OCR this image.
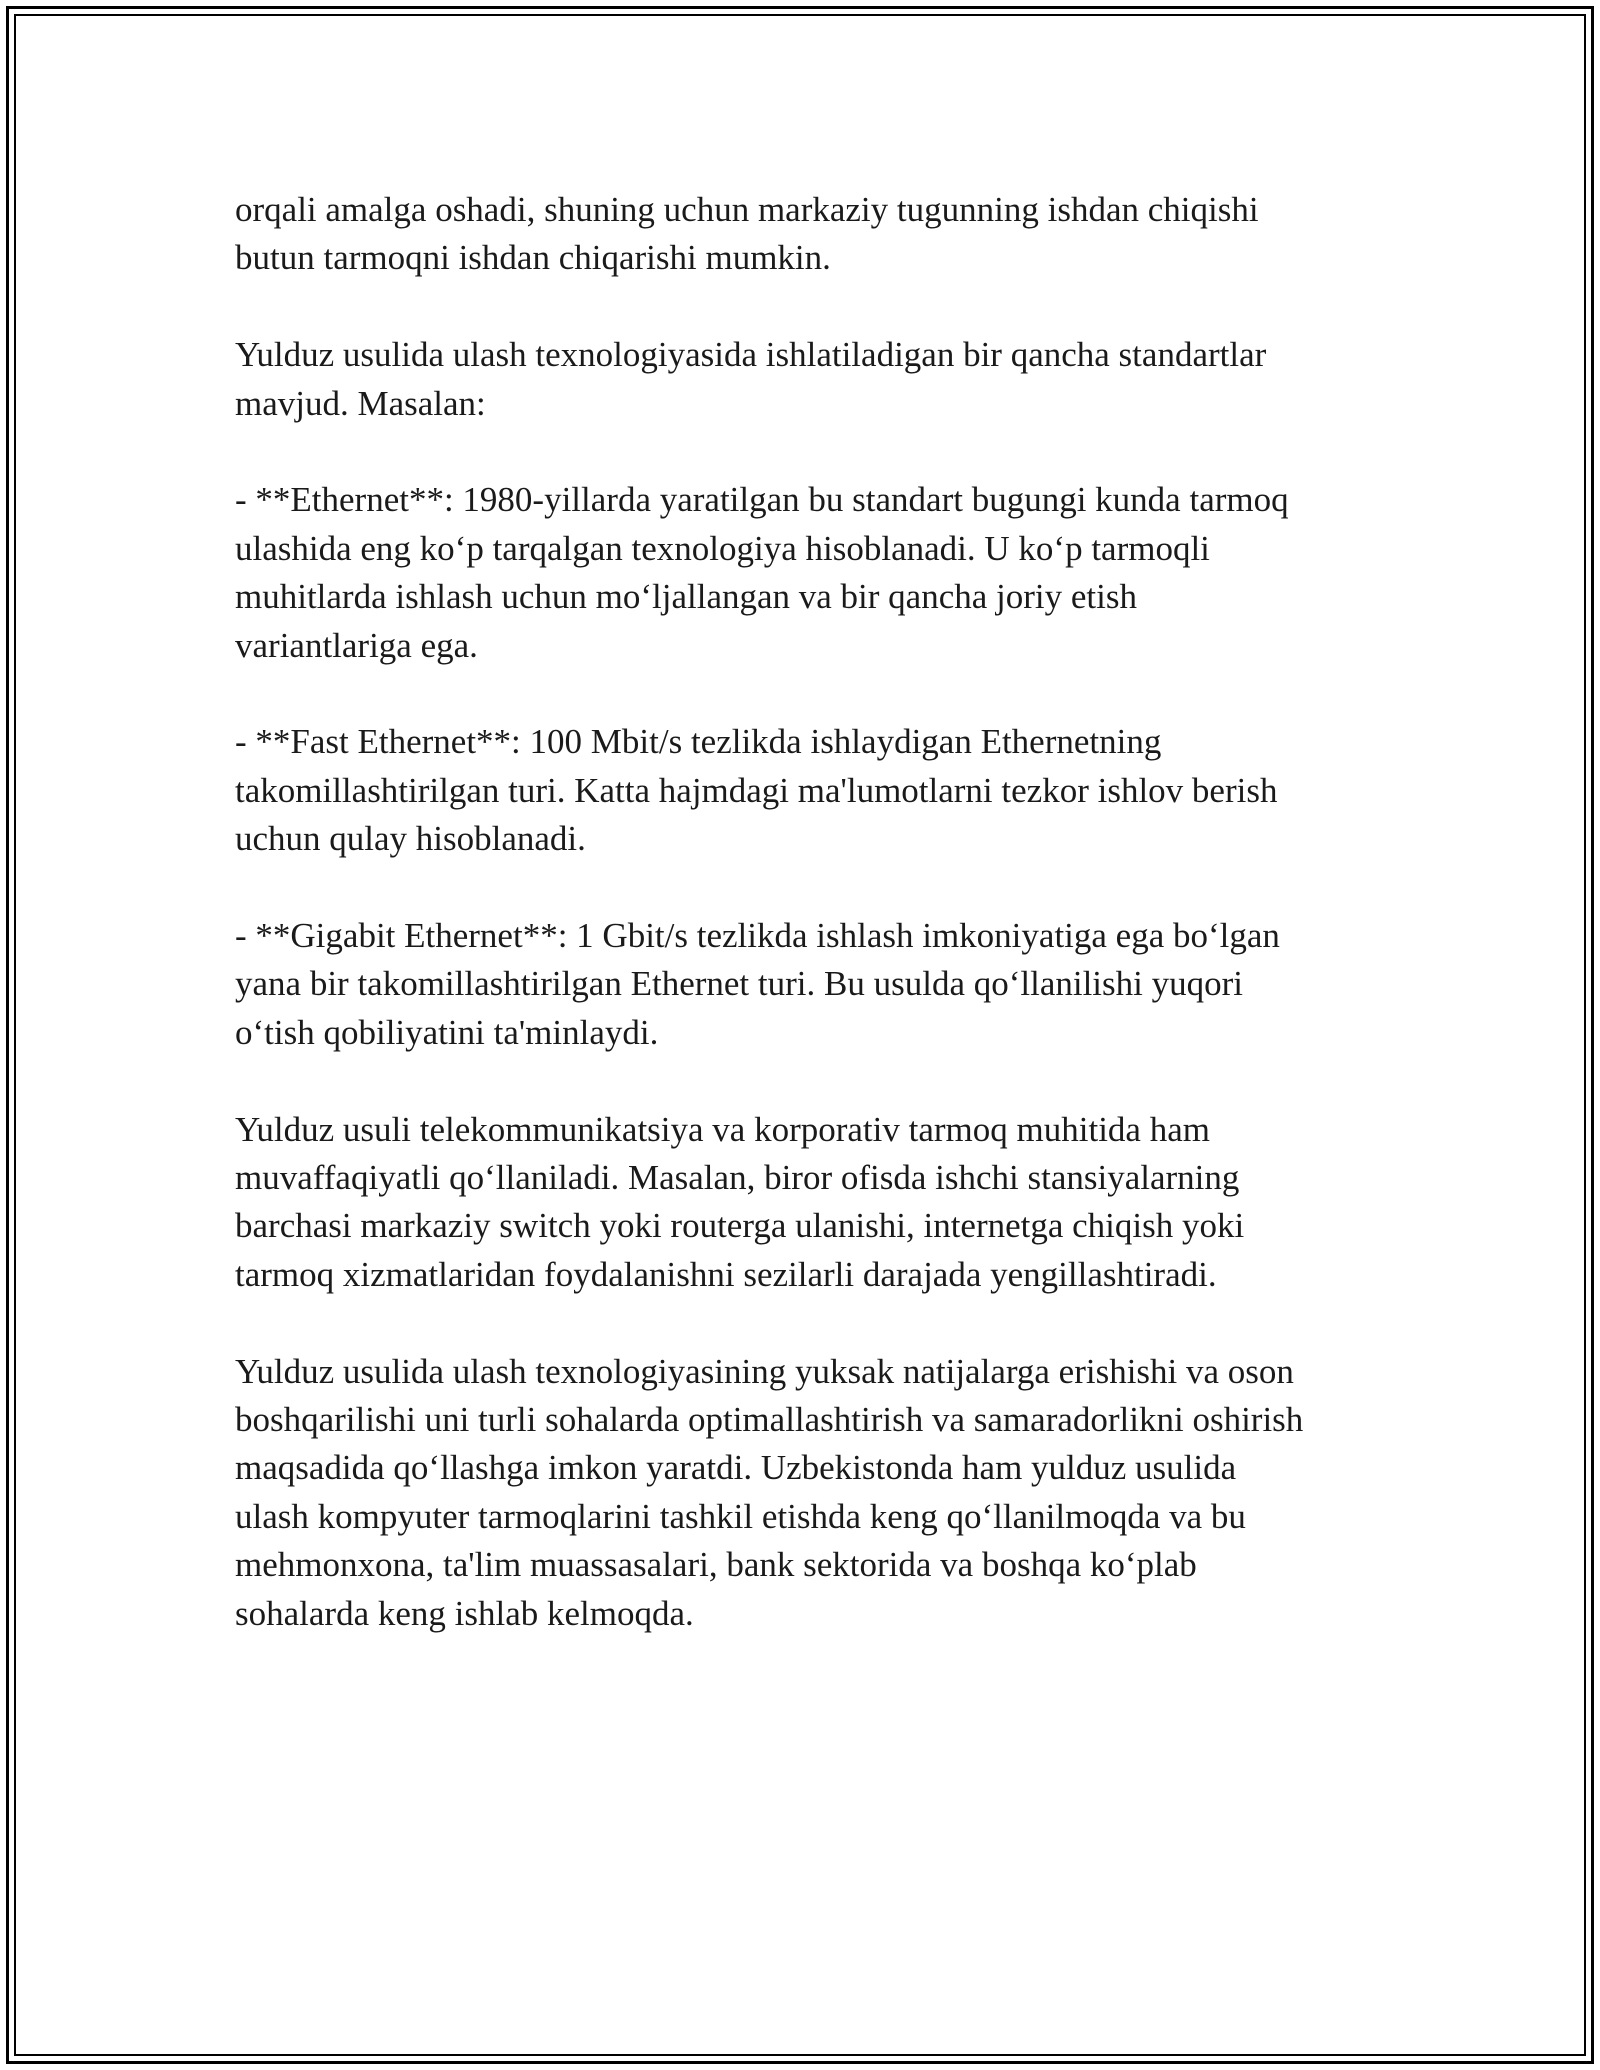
orqali amalga oshadi, shuning uchun markaziy tugunning ishdan chiqishi
butun tarmoqni ishdan chiqarishi mumkin.

Yulduz usulida ulash texnologiyasida ishlatiladigan bir qancha standartlar
mavjud. Masalan:

- **Ethernet**: 1980-yillarda yaratilgan bu standart bugungi kunda tarmoq
ulashida eng koʻp tarqalgan texnologiya hisoblanadi. U koʻp tarmoqli
muhitlarda ishlash uchun moʻljallangan va bir qancha joriy etish
variantlariga ega.

- **Fast Ethernet**: 100 Mbit/s tezlikda ishlaydigan Ethernetning
takomillashtirilgan turi. Katta hajmdagi ma'lumotlarni tezkor ishlov berish
uchun qulay hisoblanadi.

- **Gigabit Ethernet**: 1 Gbit/s tezlikda ishlash imkoniyatiga ega boʻlgan
yana bir takomillashtirilgan Ethernet turi. Bu usulda qoʻllanilishi yuqori
oʻtish qobiliyatini ta'minlaydi.

Yulduz usuli telekommunikatsiya va korporativ tarmoq muhitida ham
muvaffaqiyatli qoʻllaniladi. Masalan, biror ofisda ishchi stansiyalarning
barchasi markaziy switch yoki routerga ulanishi, internetga chiqish yoki
tarmoq xizmatlaridan foydalanishni sezilarli darajada yengillashtiradi.

Yulduz usulida ulash texnologiyasining yuksak natijalarga erishishi va oson
boshqarilishi uni turli sohalarda optimallashtirish va samaradorlikni oshirish
maqsadida qoʻllashga imkon yaratdi. Uzbekistonda ham yulduz usulida
ulash kompyuter tarmoqlarini tashkil etishda keng qoʻllanilmoqda va bu
mehmonxona, ta'lim muassasalari, bank sektorida va boshqa koʻplab
sohalarda keng ishlab kelmoqda.
